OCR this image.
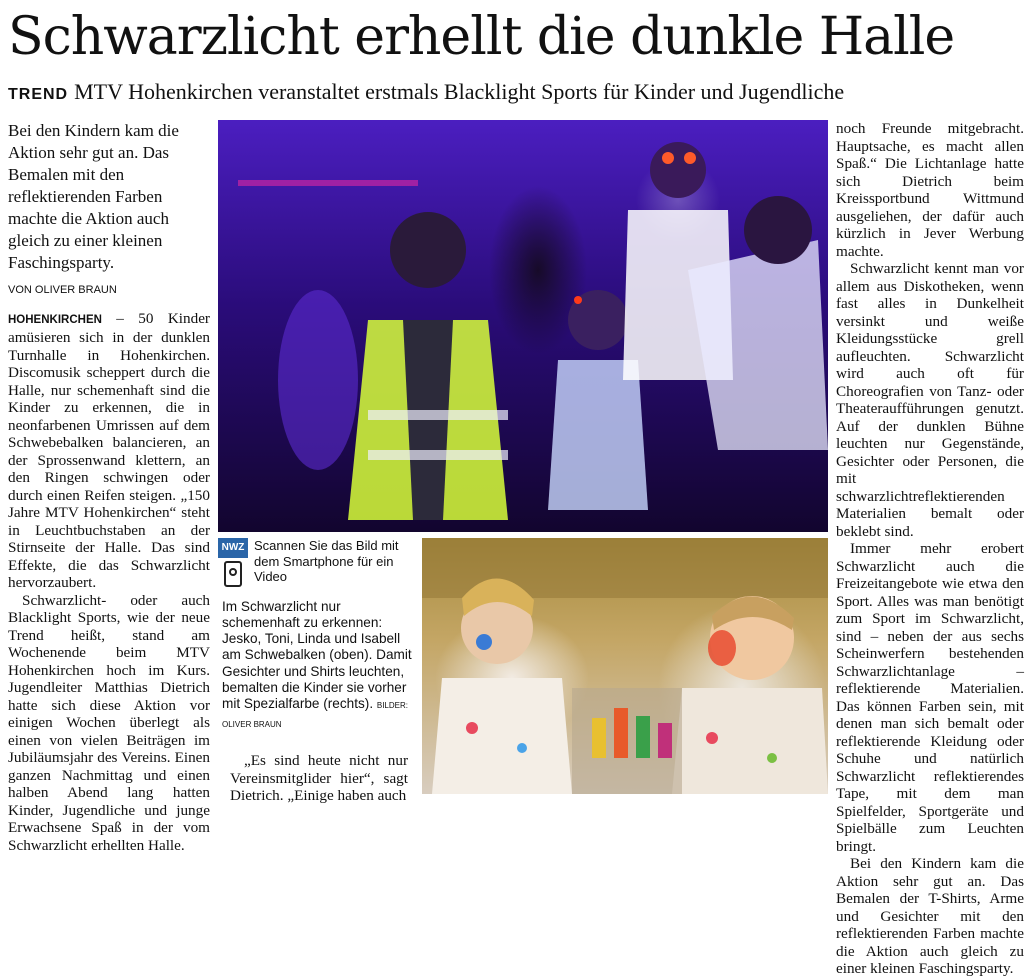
Schwarzlicht erhellt die dunkle Halle
TREND MTV Hohenkirchen veranstaltet erstmals Blacklight Sports für Kinder und Jugendliche
Bei den Kindern kam die Aktion sehr gut an. Das Bemalen mit den reflektierenden Farben machte die Aktion auch gleich zu einer kleinen Faschingsparty.
VON OLIVER BRAUN

HOHENKIRCHEN – 50 Kinder amüsieren sich in der dunklen Turnhalle in Hohenkirchen. Discomusik scheppert durch die Halle, nur schemenhaft sind die Kinder zu erkennen, die in neonfarbenen Umrissen auf dem Schwebebalken balancieren, an der Sprossenwand klettern, an den Ringen schwingen oder durch einen Reifen steigen. „150 Jahre MTV Hohenkirchen“ steht in Leuchtbuchstaben an der Stirnseite der Halle. Das sind Effekte, die das Schwarzlicht hervorzaubert.

Schwarzlicht- oder auch Blacklight Sports, wie der neue Trend heißt, stand am Wochenende beim MTV Hohenkirchen hoch im Kurs. Jugendleiter Matthias Dietrich hatte sich diese Aktion vor einigen Wochen überlegt als einen von vielen Beiträgen im Jubiläumsjahr des Vereins. Einen ganzen Nachmittag und einen halben Abend lang hatten Kinder, Jugendliche und junge Erwachsene Spaß in der vom Schwarzlicht erhellten Halle.

NWZ Scannen Sie das Bild mit dem Smartphone für ein Video
Im Schwarzlicht nur schemenhaft zu erkennen: Jesko, Toni, Linda und Isabell am Schwebalken (oben). Damit Gesichter und Shirts leuchten, bemalten die Kinder sie vorher mit Spezialfarbe (rechts). BILDER: OLIVER BRAUN

„Es sind heute nicht nur Vereinsmitglider hier“, sagt Dietrich. „Einige haben auch

noch Freunde mitgebracht. Hauptsache, es macht allen Spaß.“ Die Lichtanlage hatte sich Dietrich beim Kreissportbund Wittmund ausgeliehen, der dafür auch kürzlich in Jever Werbung machte.

Schwarzlicht kennt man vor allem aus Diskotheken, wenn fast alles in Dunkelheit versinkt und weiße Kleidungsstücke grell aufleuchten. Schwarzlicht wird auch oft für Choreografien von Tanz- oder Theateraufführungen genutzt. Auf der dunklen Bühne leuchten nur Gegenstände, Gesichter oder Personen, die mit schwarzlichtreflektierenden Materialien bemalt oder beklebt sind.

Immer mehr erobert Schwarzlicht auch die Freizeitangebote wie etwa den Sport. Alles was man benötigt zum Sport im Schwarzlicht, sind – neben der aus sechs Scheinwerfern bestehenden Schwarzlichtanlage – reflektierende Materialien. Das können Farben sein, mit denen man sich bemalt oder reflektierende Kleidung oder Schuhe und natürlich Schwarzlicht reflektierendes Tape, mit dem man Spielfelder, Sportgeräte und Spielbälle zum Leuchten bringt.

Bei den Kindern kam die Aktion sehr gut an. Das Bemalen der T-Shirts, Arme und Gesichter mit den reflektierenden Farben machte die Aktion auch gleich zu einer kleinen Faschingsparty.
